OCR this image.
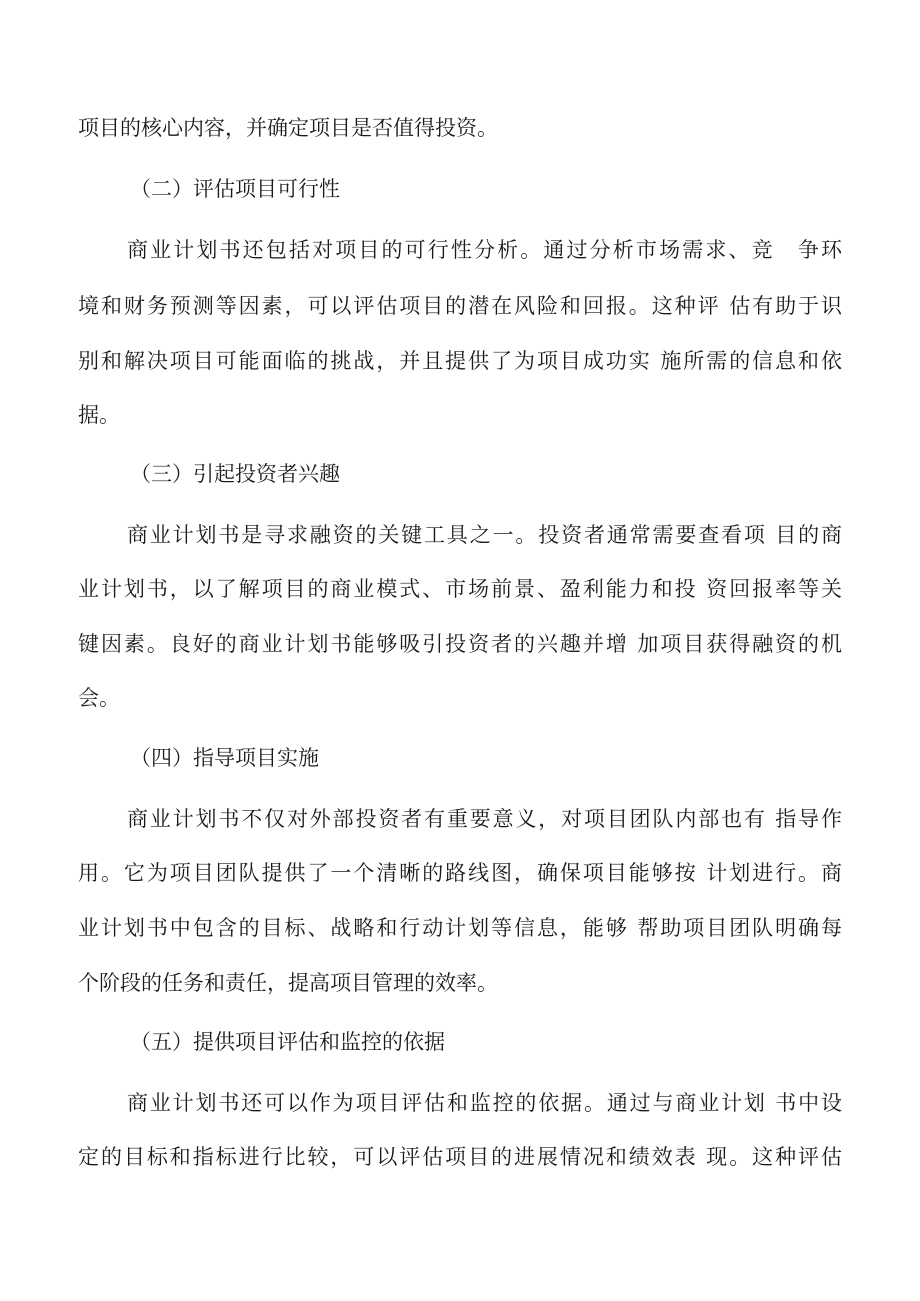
项目的核心内容，并确定项目是否值得投资。
（二）评估项目可行性
商业计划书还包括对项目的可行性分析。通过分析市场需求、竞　争环
境和财务预测等因素，可以评估项目的潜在风险和回报。这种评 估有助于识
别和解决项目可能面临的挑战，并且提供了为项目成功实 施所需的信息和依
据。
（三）引起投资者兴趣
商业计划书是寻求融资的关键工具之一。投资者通常需要查看项 目的商
业计划书，以了解项目的商业模式、市场前景、盈利能力和投 资回报率等关
键因素。良好的商业计划书能够吸引投资者的兴趣并增 加项目获得融资的机
会。
（四）指导项目实施
商业计划书不仅对外部投资者有重要意义，对项目团队内部也有 指导作
用。它为项目团队提供了一个清晰的路线图，确保项目能够按 计划进行。商
业计划书中包含的目标、战略和行动计划等信息，能够 帮助项目团队明确每
个阶段的任务和责任，提高项目管理的效率。
（五）提供项目评估和监控的依据
商业计划书还可以作为项目评估和监控的依据。通过与商业计划 书中设
定的目标和指标进行比较，可以评估项目的进展情况和绩效表 现。这种评估
